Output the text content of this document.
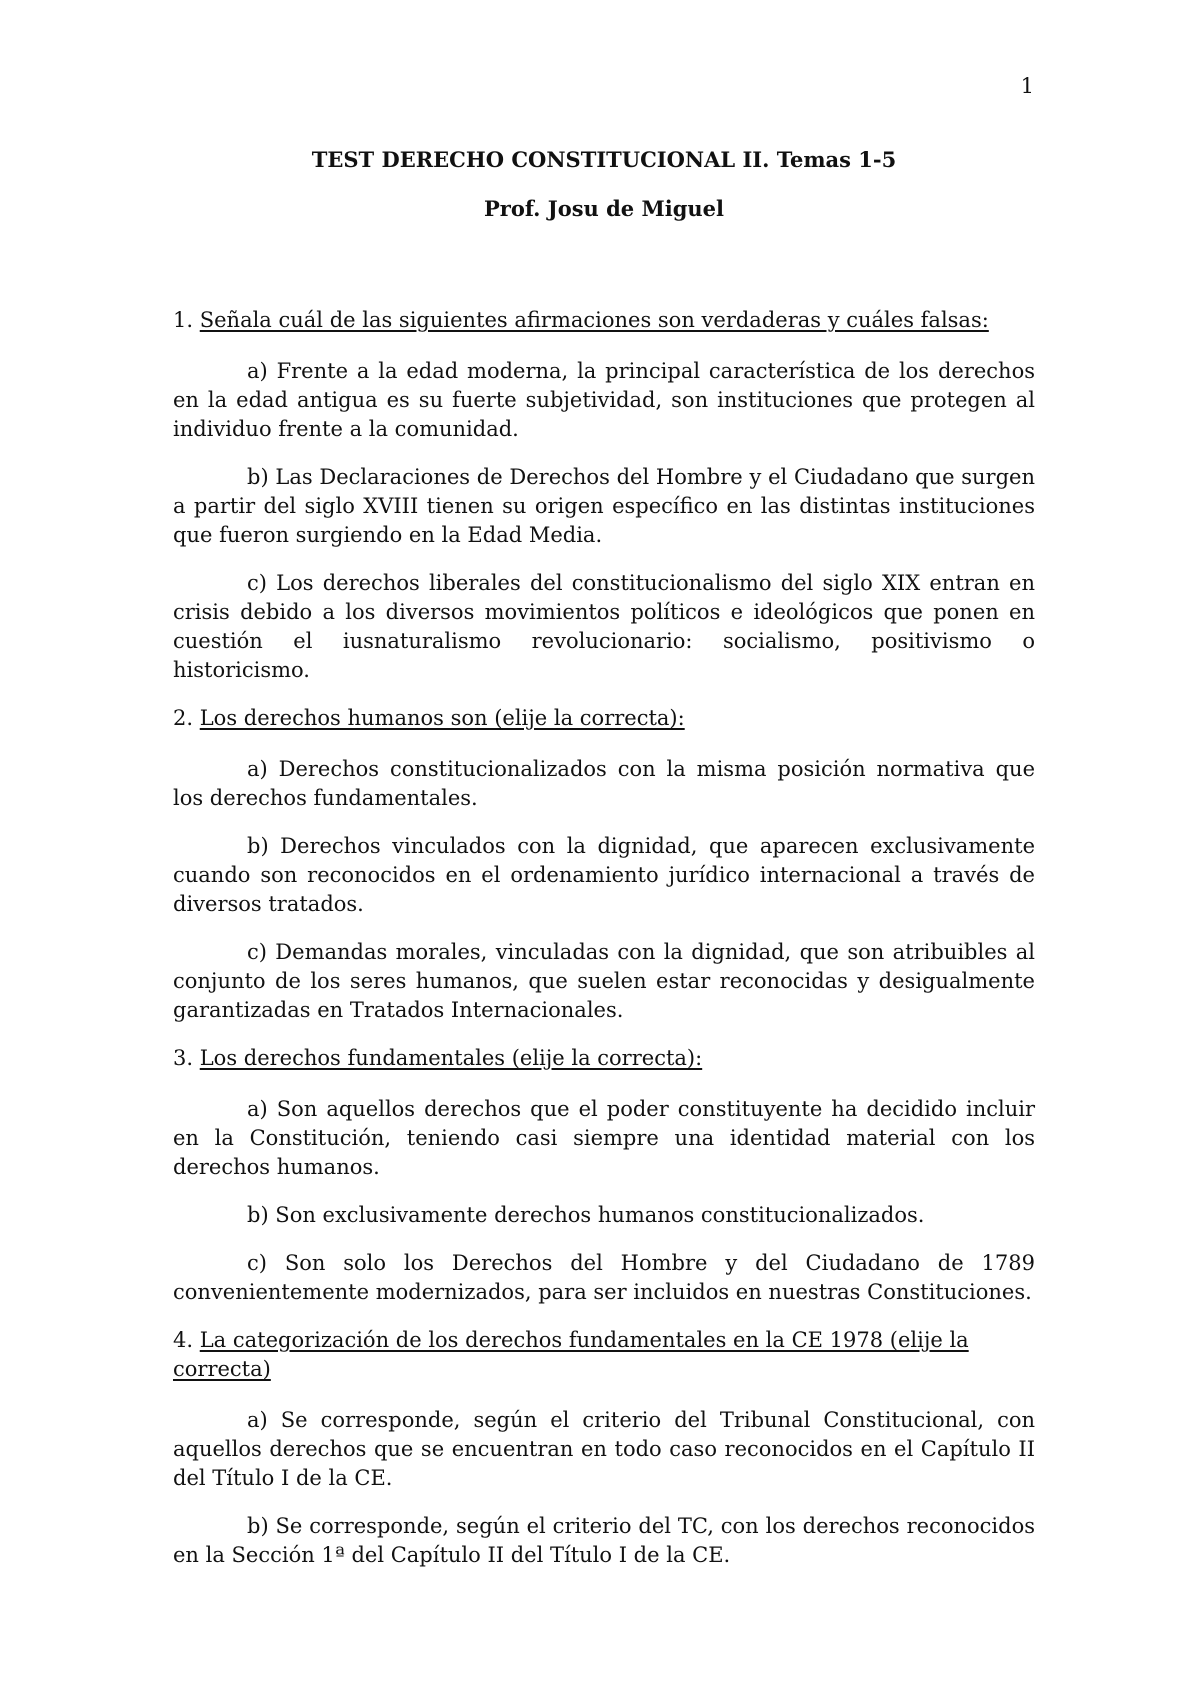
1

TEST DERECHO CONSTITUCIONAL II. Temas 1-5

Prof. Josu de Miguel

1. Señala cuál de las siguientes afirmaciones son verdaderas y cuáles falsas:

a) Frente a la edad moderna, la principal característica de los derechos en la edad antigua es su fuerte subjetividad, son instituciones que protegen al individuo frente a la comunidad.

b) Las Declaraciones de Derechos del Hombre y el Ciudadano que surgen a partir del siglo XVIII tienen su origen específico en las distintas instituciones que fueron surgiendo en la Edad Media.

c) Los derechos liberales del constitucionalismo del siglo XIX entran en crisis debido a los diversos movimientos políticos e ideológicos que ponen en cuestión el iusnaturalismo revolucionario: socialismo, positivismo o historicismo.

2. Los derechos humanos son (elije la correcta):

a) Derechos constitucionalizados con la misma posición normativa que los derechos fundamentales.

b) Derechos vinculados con la dignidad, que aparecen exclusivamente cuando son reconocidos en el ordenamiento jurídico internacional a través de diversos tratados.

c) Demandas morales, vinculadas con la dignidad, que son atribuibles al conjunto de los seres humanos, que suelen estar reconocidas y desigualmente garantizadas en Tratados Internacionales.

3. Los derechos fundamentales (elije la correcta):

a) Son aquellos derechos que el poder constituyente ha decidido incluir en la Constitución, teniendo casi siempre una identidad material con los derechos humanos.

b) Son exclusivamente derechos humanos constitucionalizados.

c) Son solo los Derechos del Hombre y del Ciudadano de 1789 convenientemente modernizados, para ser incluidos en nuestras Constituciones.

4. La categorización de los derechos fundamentales en la CE 1978 (elije la correcta)

a) Se corresponde, según el criterio del Tribunal Constitucional, con aquellos derechos que se encuentran en todo caso reconocidos en el Capítulo II del Título I de la CE.

b) Se corresponde, según el criterio del TC, con los derechos reconocidos en la Sección 1ª del Capítulo II del Título I de la CE.
